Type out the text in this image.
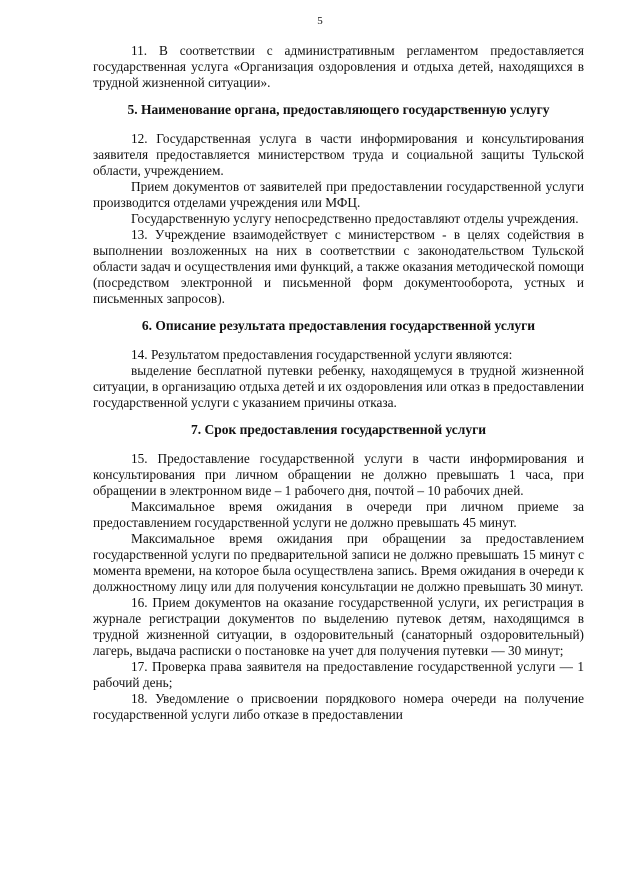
5

11. В соответствии с административным регламентом предоставляется государственная услуга «Организация оздоровления и отдыха детей, находящихся в трудной жизненной ситуации».

5. Наименование органа, предоставляющего государственную услугу

12. Государственная услуга в части информирования и консультирования заявителя предоставляется министерством труда и социальной защиты Тульской области, учреждением.

Прием документов от заявителей при предоставлении государственной услуги производится отделами учреждения или МФЦ.

Государственную услугу непосредственно предоставляют отделы учреждения.

13. Учреждение взаимодействует с министерством - в целях содействия в выполнении возложенных на них в соответствии с законодательством Тульской области задач и осуществления ими функций, а также оказания методической помощи (посредством электронной и письменной форм документооборота, устных и письменных запросов).

6. Описание результата предоставления государственной услуги

14. Результатом предоставления государственной услуги являются:

выделение бесплатной путевки ребенку, находящемуся в трудной жизненной ситуации, в организацию отдыха детей и их оздоровления или отказ в предоставлении государственной услуги с указанием причины отказа.

7. Срок предоставления государственной услуги

15. Предоставление государственной услуги в части информирования и консультирования при личном обращении не должно превышать 1 часа, при обращении в электронном виде – 1 рабочего дня, почтой – 10 рабочих дней.

Максимальное время ожидания в очереди при личном приеме за предоставлением государственной услуги не должно превышать 45 минут.

Максимальное время ожидания при обращении за предоставлением государственной услуги по предварительной записи не должно превышать 15 минут с момента времени, на которое была осуществлена запись. Время ожидания в очереди к должностному лицу или для получения консультации не должно превышать 30 минут.

16. Прием документов на оказание государственной услуги, их регистрация в журнале регистрации документов по выделению путевок детям, находящимся в трудной жизненной ситуации, в оздоровительный (санаторный оздоровительный) лагерь, выдача расписки о постановке на учет для получения путевки — 30 минут;

17. Проверка права заявителя на предоставление государственной услуги — 1 рабочий день;

18. Уведомление о присвоении порядкового номера очереди на получение государственной услуги либо отказе в предоставлении
